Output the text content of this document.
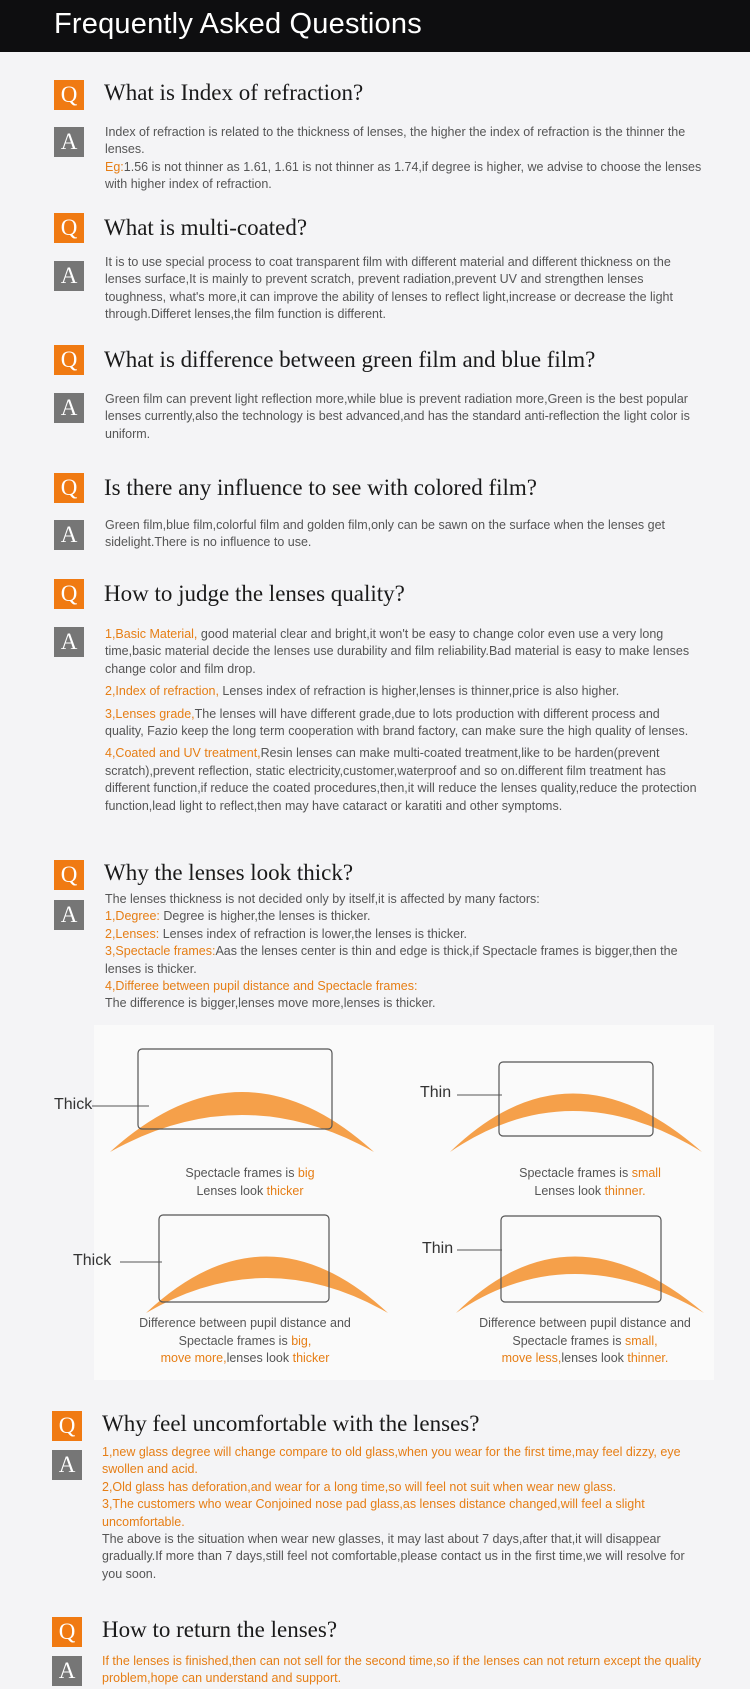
Frequently Asked Questions
Q What is Index of refraction?
A	Index of refraction is related to the thickness of lenses, the higher the index of refraction is the thinner the lenses.

Eg:1.56 is not thinner as 1.61, 1.61 is not thinner as 1.74,if degree is higher, we advise to choose the lenses with higher index of refraction.

Q What is multi-coated?
A
It is to use special process to coat transparent film with different material and different thickness on the lenses surface,It is mainly to prevent scratch, prevent radiation,prevent UV and strengthen lenses toughness, what's more,it can improve the ability of lenses to reflect light,increase or decrease the light through.Differet lenses,the film function is different.
Q What is difference between green film and blue film?
A	Green film can prevent light reflection more,while blue is prevent radiation more,Green is the best popular lenses currently,also the technology is best advanced,and has the standard anti-reflection the light color is uniform.
Q Is there any influence to see with colored film?
A	Green film,blue film,colorful film and golden film,only can be sawn on the surface when the lenses get sidelight.There is no influence to use.
Q How to judge the lenses quality?
A	1,Basic Material, good material clear and bright,it won't be easy to change color even use a very long time,basic material decide the lenses use durability and film reliability.Bad material is easy to make lenses change color and film drop.

2,Index of refraction, Lenses index of refraction is higher,lenses is thinner,price is also higher.

3,Lenses grade,The lenses will have different grade,due to lots production with different process and quality, Fazio keep the long term cooperation with brand factory, can make sure the high quality of lenses.

4,Coated and UV treatment,Resin lenses can make multi-coated treatment,like to be harden(prevent scratch),prevent reflection, static electricity,customer,waterproof and so on.different film treatment has different function,if reduce the coated procedures,then,it will reduce the lenses quality,reduce the protection function,lead light to reflect,then may have cataract or karatiti and other symptoms.

Q Why the lenses look thick?
A

The lenses thickness is not decided only by itself,it is affected by many factors:

1,Degree: Degree is higher,the lenses is thicker.

2,Lenses: Lenses index of refraction is lower,the lenses is thicker.

3,Spectacle frames:Aas the lenses center is thin and edge is thick,if Spectacle frames is bigger,then the lenses is thicker.

4,Differee between pupil distance and Spectacle frames:

The difference is bigger,lenses move more,lenses is thicker.

Thick
Spectacle frames is big
Lenses look thicker
Thin
Spectacle frames is small
Lenses look thinner.
Thick
Difference between pupil distance and
Spectacle frames is big,
move more,lenses look thicker
Thin
Difference between pupil distance and
Spectacle frames is small,
move less,lenses look thinner.
Q Why feel uncomfortable with the lenses?
A	1,new glass degree will change compare to old glass,when you wear for the first time,may feel dizzy, eye swollen and acid.

2,Old glass has deforation,and wear for a long time,so will feel not suit when wear new glass.

3,The customers who wear Conjoined nose pad glass,as lenses distance changed,will feel a slight uncomfortable.

The above is the situation when wear new glasses, it may last about 7 days,after that,it will disappear gradually.If more than 7 days,still feel not comfortable,please contact us in the first time,we will resolve for you soon.

Q How to return the lenses?
A	If the lenses is finished,then can not sell for the second time,so if the lenses can not return except the quality problem,hope can understand and support.
